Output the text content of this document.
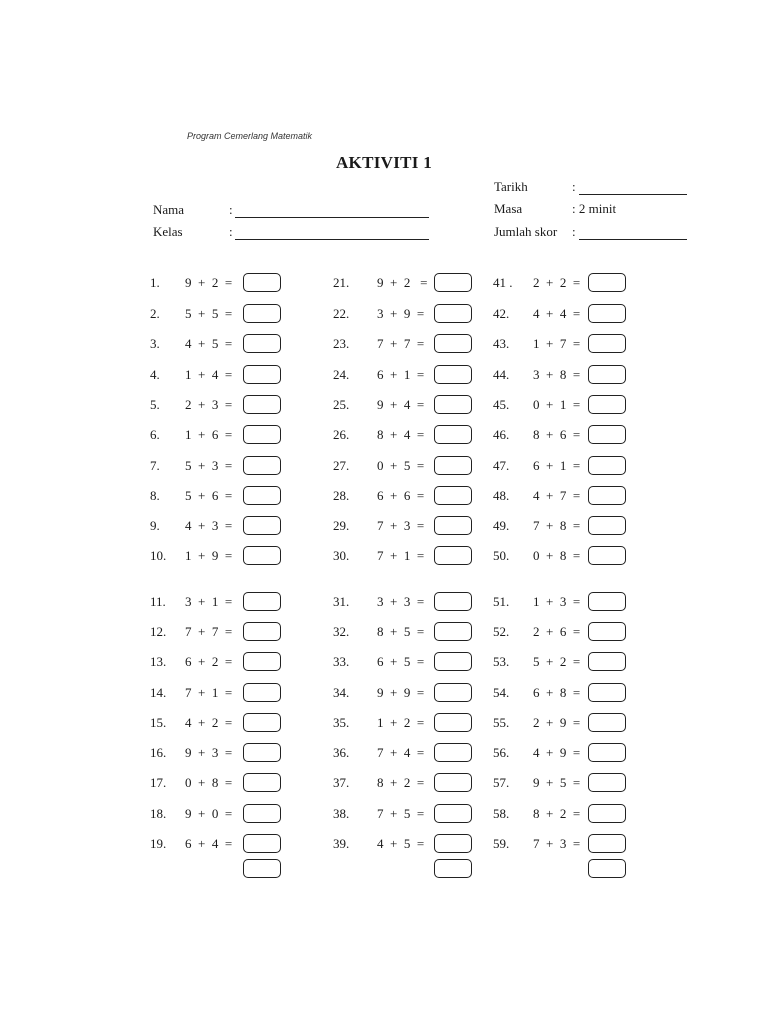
Program Cemerlang Matematik
AKTIVITI 1
Nama	:
Kelas	:
Tarikh	:
Masa	: 2 minit
Jumlah skor :
1. 9  +  2  =
2. 5  +  5  =
3. 4  +  5  =
4. 1  +  4  =
5. 2  +  3  =
6. 1  +  6  =
7. 5  +  3  =
8. 5  +  6  =
9. 4  +  3  =
10. 1  +  9  =
11. 3  +  1  =
12. 7  +  7  =
13. 6  +  2  =
14. 7  +  1  =
15. 4  +  2  =
16. 9  +  3  =
17. 0  +  8  =
18. 9  +  0  =
19. 6  +  4  =
21. 9  +  2   =
22. 3  +  9  =
23. 7  +  7  =
24. 6  +  1  =
25. 9  +  4  =
26. 8  +  4  =
27. 0  +  5  =
28. 6  +  6  =
29. 7  +  3  =
30. 7  +  1  =
31. 3  +  3  =
32. 8  +  5  =
33. 6  +  5  =
34. 9  +  9  =
35. 1  +  2  =
36. 7  +  4  =
37. 8  +  2  =
38. 7  +  5  =
39. 4  +  5  =
41 . 2  +  2  =
42. 4  +  4  =
43. 1  +  7  =
44. 3  +  8  =
45. 0  +  1  =
46. 8  +  6  =
47. 6  +  1  =
48. 4  +  7  =
49. 7  +  8  =
50. 0  +  8  =
51. 1  +  3  =
52. 2  +  6  =
53. 5  +  2  =
54. 6  +  8  =
55. 2  +  9  =
56. 4  +  9  =
57. 9  +  5  =
58. 8  +  2  =
59. 7  +  3  =
